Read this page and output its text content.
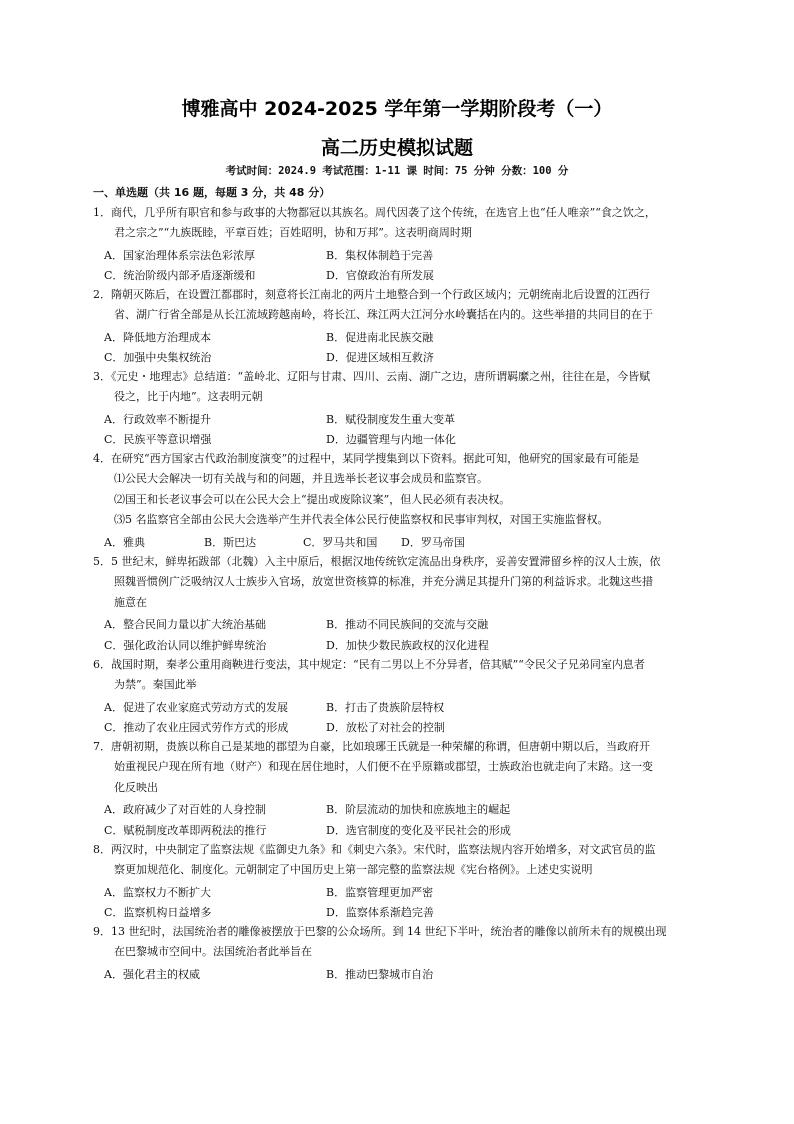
博雅高中 2024-2025 学年第一学期阶段考（一）
高二历史模拟试题
考试时间：2024.9 考试范围：1-11 课 时间：75 分钟 分数：100 分
一、单选题（共 16 题，每题 3 分，共 48 分）
1．商代，几乎所有职官和参与政事的大物都冠以其族名。周代因袭了这个传统，在选官上也“任人唯亲”“食之饮之，
君之宗之”“九族既睦，平章百姓；百姓昭明，协和万邦”。这表明商周时期
A．国家治理体系宗法色彩浓厚	B．集权体制趋于完善
C．统治阶级内部矛盾逐渐缓和	D．官僚政治有所发展
2．隋朝灭陈后，在设置江都郡时，刻意将长江南北的两片土地整合到一个行政区域内；元朝统南北后设置的江西行
省、湖广行省全部是从长江流域跨越南岭，将长江、珠江两大江河分水岭囊括在内的。这些举措的共同目的在于
A．降低地方治理成本	B．促进南北民族交融
C．加强中央集权统治	D．促进区域相互救济
3．《元史・地理志》总结道：“盖岭北、辽阳与甘肃、四川、云南、湖广之边，唐所谓羁縻之州，往往在是，今皆赋
役之，比于内地”。这表明元朝
A．行政效率不断提升	B．赋役制度发生重大变革
C．民族平等意识增强	D．边疆管理与内地一体化
4．在研究“西方国家古代政治制度演变”的过程中，某同学搜集到以下资料。据此可知，他研究的国家最有可能是
⑴公民大会解决一切有关战与和的问题，并且选举长老议事会成员和监察官。
⑵国王和长老议事会可以在公民大会上“提出或废除议案”，但人民必须有表决权。
⑶5 名监察官全部由公民大会选举产生并代表全体公民行使监察权和民事审判权，对国王实施监督权。
A．雅典	B．斯巴达	C．罗马共和国 D．罗马帝国
5．5 世纪末，鲜卑拓跋部（北魏）入主中原后，根据汉地传统钦定流品出身秩序，妥善安置滞留乡梓的汉人士族，依
照魏晋惯例广泛吸纳汉人士族步入官场，放宽世资核算的标准，并充分满足其提升门第的利益诉求。北魏这些措
施意在
A．整合民间力量以扩大统治基础	B．推动不同民族间的交流与交融
C．强化政治认同以维护鲜卑统治	D．加快少数民族政权的汉化进程
6．战国时期，秦孝公重用商鞅进行变法，其中规定：“民有二男以上不分异者，倍其赋”“令民父子兄弟同室内息者
为禁”。秦国此举
A．促进了农业家庭式劳动方式的发展	B．打击了贵族阶层特权
C．推动了农业庄园式劳作方式的形成	D．放松了对社会的控制
7．唐朝初期，贵族以称自己是某地的郡望为自豪，比如琅琊王氏就是一种荣耀的称谓，但唐朝中期以后，当政府开
始重视民户现在所有地（财产）和现在居住地时，人们便不在乎原籍或郡望，士族政治也就走向了末路。这一变
化反映出
A．政府减少了对百姓的人身控制	B．阶层流动的加快和庶族地主的崛起
C．赋税制度改革即两税法的推行	D．选官制度的变化及平民社会的形成
8．两汉时，中央制定了监察法规《监御史九条》和《刺史六条》。宋代时，监察法规内容开始增多，对文武官员的监
察更加规范化、制度化。元朝制定了中国历史上第一部完整的监察法规《宪台格例》。上述史实说明
A．监察权力不断扩大	B．监察管理更加严密
C．监察机构日益增多	D．监察体系渐趋完善
9．13 世纪时，法国统治者的雕像被摆放于巴黎的公众场所。到 14 世纪下半叶，统治者的雕像以前所未有的规模出现
在巴黎城市空间中。法国统治者此举旨在
A．强化君主的权威	B．推动巴黎城市自治
